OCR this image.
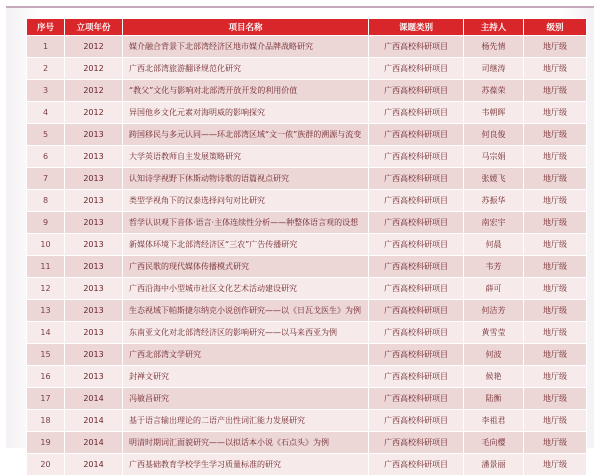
序号	立项年份	项目名称	课题类别	主持人	级别
1	2012	媒介融合背景下北部湾经济区地市媒介品牌战略研究	广西高校科研项目	杨先情	地厅级
2	2012	广西北部湾旅游翻译规范化研究	广西高校科研项目	司继涛	地厅级
3	2012	“教父”文化与影响对北部湾开放开发的利用价值	广西高校科研项目	苏葆荣	地厅级
4	2012	异国他乡文化元素对海明威的影响探究	广西高校科研项目	韦朝晖	地厅级
5	2013	跨国移民与多元认同——环北部湾区域“文一侬”族群的溯源与流变	广西高校科研项目	何良俊	地厅级
6	2013	大学英语教师自主发展策略研究	广西高校科研项目	马宗娟	地厅级
7	2013	认知诗学视野下休斯动物诗歌的语篇视点研究	广西高校科研项目	张媛飞	地厅级
8	2013	类型学视角下的汉泰选择问句对比研究	广西高校科研项目	苏振华	地厅级
9	2013	哲学认识观下音体·语言·主体连续性分析——种整体语言观的设想	广西高校科研项目	南宏宇	地厅级
10	2013	新媒体环境下北部湾经济区“三农”广告传播研究	广西高校科研项目	何晨	地厅级
11	2013	广西民歌的现代媒体传播模式研究	广西高校科研项目	韦芳	地厅级
12	2013	广西沿海中小型城市社区文化艺术活动建设研究	广西高校科研项目	薛可	地厅级
13	2013	生态视域下帕斯捷尔纳克小说创作研究——以《日瓦戈医生》为例	广西高校科研项目	何洁芳	地厅级
14	2013	东南亚文化对北部湾经济区的影响研究——以马来西亚为例	广西高校科研项目	黄雪莹	地厅级
15	2013	广西北部湾文学研究	广西高校科研项目	何波	地厅级
16	2013	封禅文研究	广西高校科研项目	候艳	地厅级
17	2014	冯敏昌研究	广西高校科研项目	陆衡	地厅级
18	2014	基于语言输出理论的二语产出性词汇能力发展研究	广西高校科研项目	李祖君	地厅级
19	2014	明清时期词汇面貌研究——以拟话本小说《石点头》为例	广西高校科研项目	毛向樱	地厅级
20	2014	广西基础教育学校学生学习质量标准的研究	广西高校科研项目	潘景丽	地厅级
